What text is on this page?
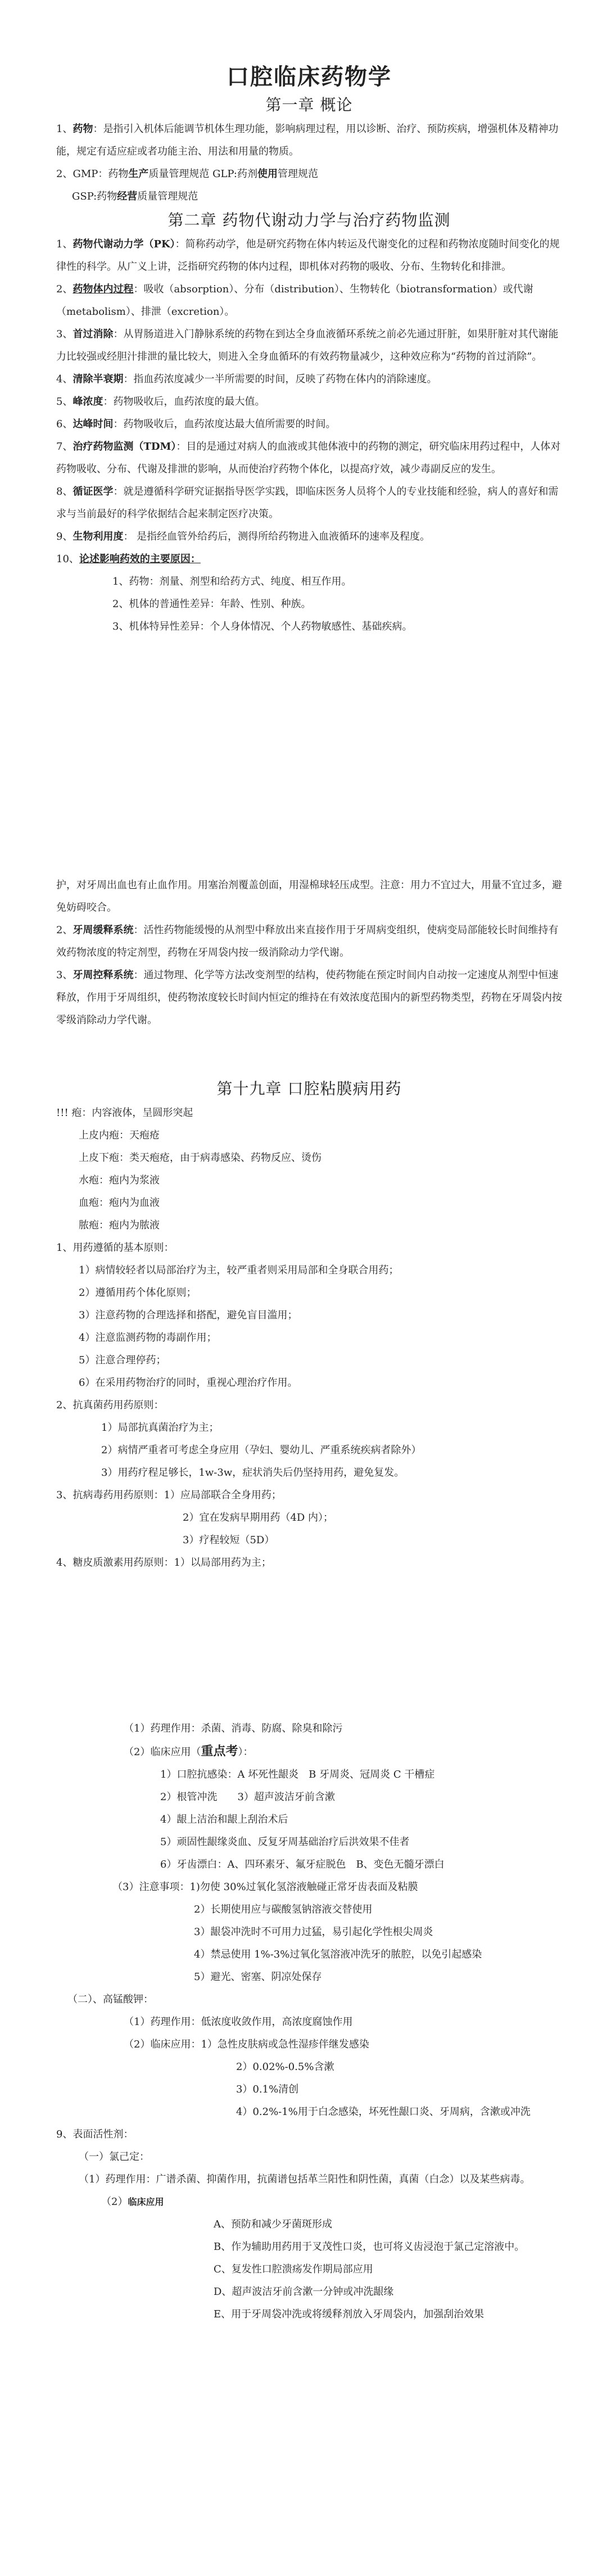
口腔临床药物学
第一章 概论

1、药物：是指引入机体后能调节机体生理功能，影响病理过程，用以诊断、治疗、预防疾病，增强机体及精神功能，规定有适应症或者功能主治、用法和用量的物质。

2、GMP：药物生产质量管理规范 GLP:药剂使用管理规范

GSP:药物经营质量管理规范

第二章 药物代谢动力学与治疗药物监测

1、药物代谢动力学（PK）：简称药动学，他是研究药物在体内转运及代谢变化的过程和药物浓度随时间变化的规律性的科学。从广义上讲，泛指研究药物的体内过程，即机体对药物的吸收、分布、生物转化和排泄。

2、药物体内过程：吸收（absorption）、分布（distribution）、生物转化（biotransformation）或代谢（metabolism）、排泄（excretion）。

3、首过消除：从胃肠道进入门静脉系统的药物在到达全身血液循环系统之前必先通过肝脏，如果肝脏对其代谢能力比较强或经胆汁排泄的量比较大，则进入全身血循环的有效药物量减少，这种效应称为“药物的首过消除”。

4、清除半衰期：指血药浓度减少一半所需要的时间，反映了药物在体内的消除速度。

5、峰浓度：药物吸收后，血药浓度的最大值。

6、达峰时间：药物吸收后，血药浓度达最大值所需要的时间。

7、治疗药物监测（TDM）：目的是通过对病人的血液或其他体液中的药物的测定，研究临床用药过程中，人体对药物吸收、分布、代谢及排泄的影响，从而使治疗药物个体化，以提高疗效，减少毒副反应的发生。

8、循证医学：就是遵循科学研究证据指导医学实践，即临床医务人员将个人的专业技能和经验，病人的喜好和需求与当前最好的科学依据结合起来制定医疗决策。

9、生物利用度： 是指经血管外给药后，测得所给药物进入血液循环的速率及程度。

10、论述影响药效的主要原因：

1、药物：剂量、剂型和给药方式、纯度、相互作用。

2、机体的普通性差异：年龄、性别、种族。

3、机体特异性差异：个人身体情况、个人药物敏感性、基础疾病。

护，对牙周出血也有止血作用。用塞治剂覆盖创面，用湿棉球轻压成型。注意：用力不宜过大，用量不宜过多，避免妨碍咬合。

2、牙周缓释系统：活性药物能缓慢的从剂型中释放出来直接作用于牙周病变组织，使病变局部能较长时间维持有效药物浓度的特定剂型，药物在牙周袋内按一级消除动力学代谢。

3、牙周控释系统：通过物理、化学等方法改变剂型的结构，使药物能在预定时间内自动按一定速度从剂型中恒速释放，作用于牙周组织，使药物浓度较长时间内恒定的维持在有效浓度范围内的新型药物类型，药物在牙周袋内按零级消除动力学代谢。

第十九章 口腔粘膜病用药

!!! 疱：内容液体，呈圆形突起

上皮内疱：天疱疮

上皮下疱：类天疱疮，由于病毒感染、药物反应、烫伤

水疱：疱内为浆液

血疱：疱内为血液

脓疱：疱内为脓液

1、用药遵循的基本原则：

1）病情较轻者以局部治疗为主，较严重者则采用局部和全身联合用药；

2）遵循用药个体化原则；

3）注意药物的合理选择和搭配，避免盲目滥用；

4）注意监测药物的毒副作用；

5）注意合理停药；

6）在采用药物治疗的同时，重视心理治疗作用。

2、抗真菌药用药原则：

1）局部抗真菌治疗为主；

2）病情严重者可考虑全身应用（孕妇、婴幼儿、严重系统疾病者除外）

3）用药疗程足够长，1w-3w，症状消失后仍坚持用药，避免复发。

3、抗病毒药用药原则：1）应局部联合全身用药；

2）宜在发病早期用药（4D 内）；

3）疗程较短（5D）

4、糖皮质激素用药原则：1）以局部用药为主；

（1）药理作用：杀菌、消毒、防腐、除臭和除污

（2）临床应用（重点考）：

1）口腔抗感染：A 坏死性龈炎　B 牙周炎、冠周炎 C 干槽症

2）根管冲洗　　3）超声波洁牙前含漱

4）龈上洁治和龈上刮治术后

5）顽固性龈缘炎血、反复牙周基础治疗后洪效果不佳者

6）牙齿漂白：A、四环素牙、氟牙症脱色　B、变色无髓牙漂白

（3）注意事项：1)勿使 30%过氧化氢溶液触碰正常牙齿表面及粘膜

2）长期使用应与碳酸氢钠溶液交替使用

3）龈袋冲洗时不可用力过猛，易引起化学性根尖周炎

4）禁忌使用 1%-3%过氧化氢溶液冲洗牙的脓腔，以免引起感染

5）避光、密塞、阴凉处保存

（二）、高锰酸钾：

（1）药理作用：低浓度收敛作用，高浓度腐蚀作用

（2）临床应用：1）急性皮肤病或急性湿疹伴继发感染

2）0.02%-0.5%含漱

3）0.1%清创

4）0.2%-1%用于白念感染，坏死性龈口炎、牙周病，含漱或冲洗

9、表面活性剂：

（一）氯己定：

（1）药理作用：广谱杀菌、抑菌作用，抗菌谱包括革兰阳性和阴性菌，真菌（白念）以及某些病毒。

（2）临床应用

A、预防和减少牙菌斑形成

B、作为辅助用药用于叉茂性口炎，也可将义齿浸泡于氯己定溶液中。

C、复发性口腔溃疡发作期局部应用

D、超声波洁牙前含漱一分钟或冲洗龈缘

E、用于牙周袋冲洗或将缓释剂放入牙周袋内，加强刮治效果
